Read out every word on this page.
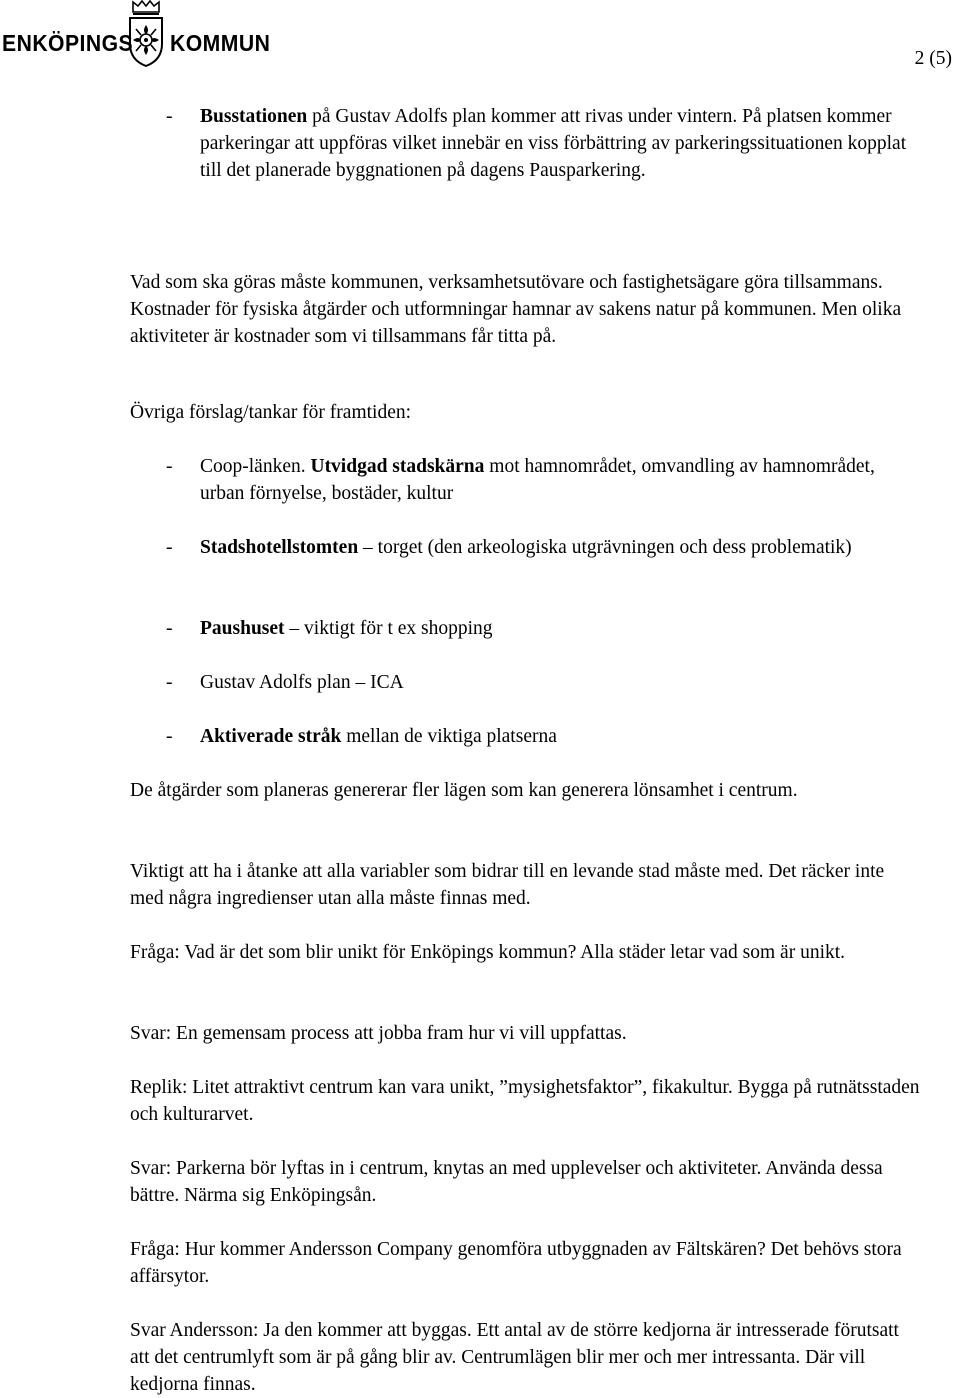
ENKÖPINGS KOMMUN
2 (5)

- Busstationen på Gustav Adolfs plan kommer att rivas under vintern. På platsen kommer parkeringar att uppföras vilket innebär en viss förbättring av parkeringssituationen kopplat till det planerade byggnationen på dagens Pausparkering.

Vad som ska göras måste kommunen, verksamhetsutövare och fastighetsägare göra tillsammans. Kostnader för fysiska åtgärder och utformningar hamnar av sakens natur på kommunen. Men olika aktiviteter är kostnader som vi tillsammans får titta på.

Övriga förslag/tankar för framtiden:

- Coop-länken. Utvidgad stadskärna mot hamnområdet, omvandling av hamnområdet, urban förnyelse, bostäder, kultur

- Stadshotellstomten – torget (den arkeologiska utgrävningen och dess problematik)

- Paushuset – viktigt för t ex shopping

- Gustav Adolfs plan – ICA

- Aktiverade stråk mellan de viktiga platserna

De åtgärder som planeras genererar fler lägen som kan generera lönsamhet i centrum.

Viktigt att ha i åtanke att alla variabler som bidrar till en levande stad måste med. Det räcker inte med några ingredienser utan alla måste finnas med.

Fråga: Vad är det som blir unikt för Enköpings kommun? Alla städer letar vad som är unikt.

Svar: En gemensam process att jobba fram hur vi vill uppfattas.

Replik: Litet attraktivt centrum kan vara unikt, ”mysighetsfaktor”, fikakultur. Bygga på rutnätsstaden och kulturarvet.

Svar: Parkerna bör lyftas in i centrum, knytas an med upplevelser och aktiviteter. Använda dessa bättre. Närma sig Enköpingsån.

Fråga: Hur kommer Andersson Company genomföra utbyggnaden av Fältskären? Det behövs stora affärsytor.

Svar Andersson: Ja den kommer att byggas. Ett antal av de större kedjorna är intresserade förutsatt att det centrumlyft som är på gång blir av. Centrumlägen blir mer och mer intressanta. Där vill kedjorna finnas.
